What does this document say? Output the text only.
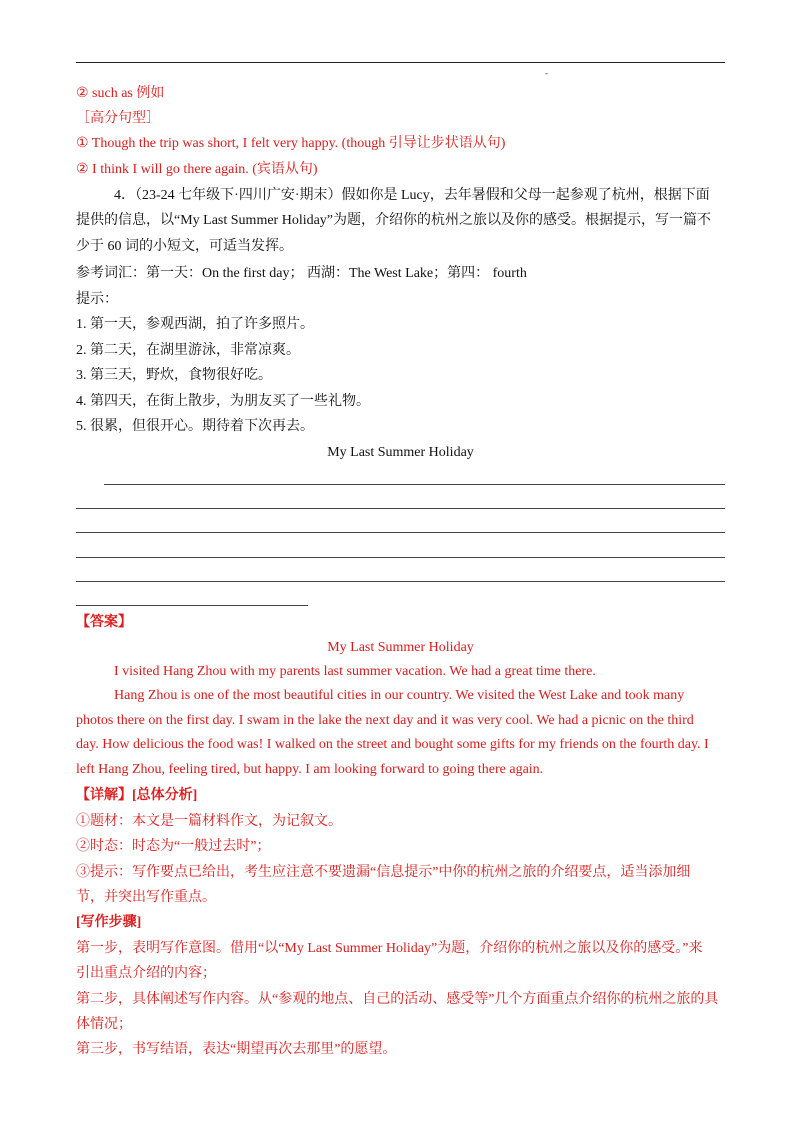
-
② such as 例如
［高分句型］
① Though the trip was short, I felt very happy. (though 引导让步状语从句)
② I think I will go there again. (宾语从句)
4．（23-24 七年级下·四川广安·期末）假如你是 Lucy，去年暑假和父母一起参观了杭州，根据下面
提供的信息，以“My Last Summer Holiday”为题，介绍你的杭州之旅以及你的感受。根据提示，写一篇不
少于 60 词的小短文，可适当发挥。
参考词汇：第一天：On the first day； 西湖：The West Lake；第四： fourth
提示：
1. 第一天，参观西湖，拍了许多照片。
2. 第二天，在湖里游泳，非常凉爽。
3. 第三天，野炊，食物很好吃。
4. 第四天，在街上散步，为朋友买了一些礼物。
5. 很累，但很开心。期待着下次再去。
My Last Summer Holiday
【答案】
My Last Summer Holiday
I visited Hang Zhou with my parents last summer vacation. We had a great time there.
Hang Zhou is one of the most beautiful cities in our country. We visited the West Lake and took many
photos there on the first day. I swam in the lake the next day and it was very cool. We had a picnic on the third
day. How delicious the food was! I walked on the street and bought some gifts for my friends on the fourth day. I
left Hang Zhou, feeling tired, but happy. I am looking forward to going there again.
【详解】[总体分析]
①题材：本文是一篇材料作文，为记叙文。
②时态：时态为“一般过去时”；
③提示：写作要点已给出，考生应注意不要遗漏“信息提示”中你的杭州之旅的介绍要点，适当添加细
节，并突出写作重点。
[写作步骤]
第一步，表明写作意图。借用“以“My Last Summer Holiday”为题，介绍你的杭州之旅以及你的感受。”来
引出重点介绍的内容；
第二步，具体阐述写作内容。从“参观的地点、自己的活动、感受等”几个方面重点介绍你的杭州之旅的具
体情况；
第三步，书写结语，表达“期望再次去那里”的愿望。
